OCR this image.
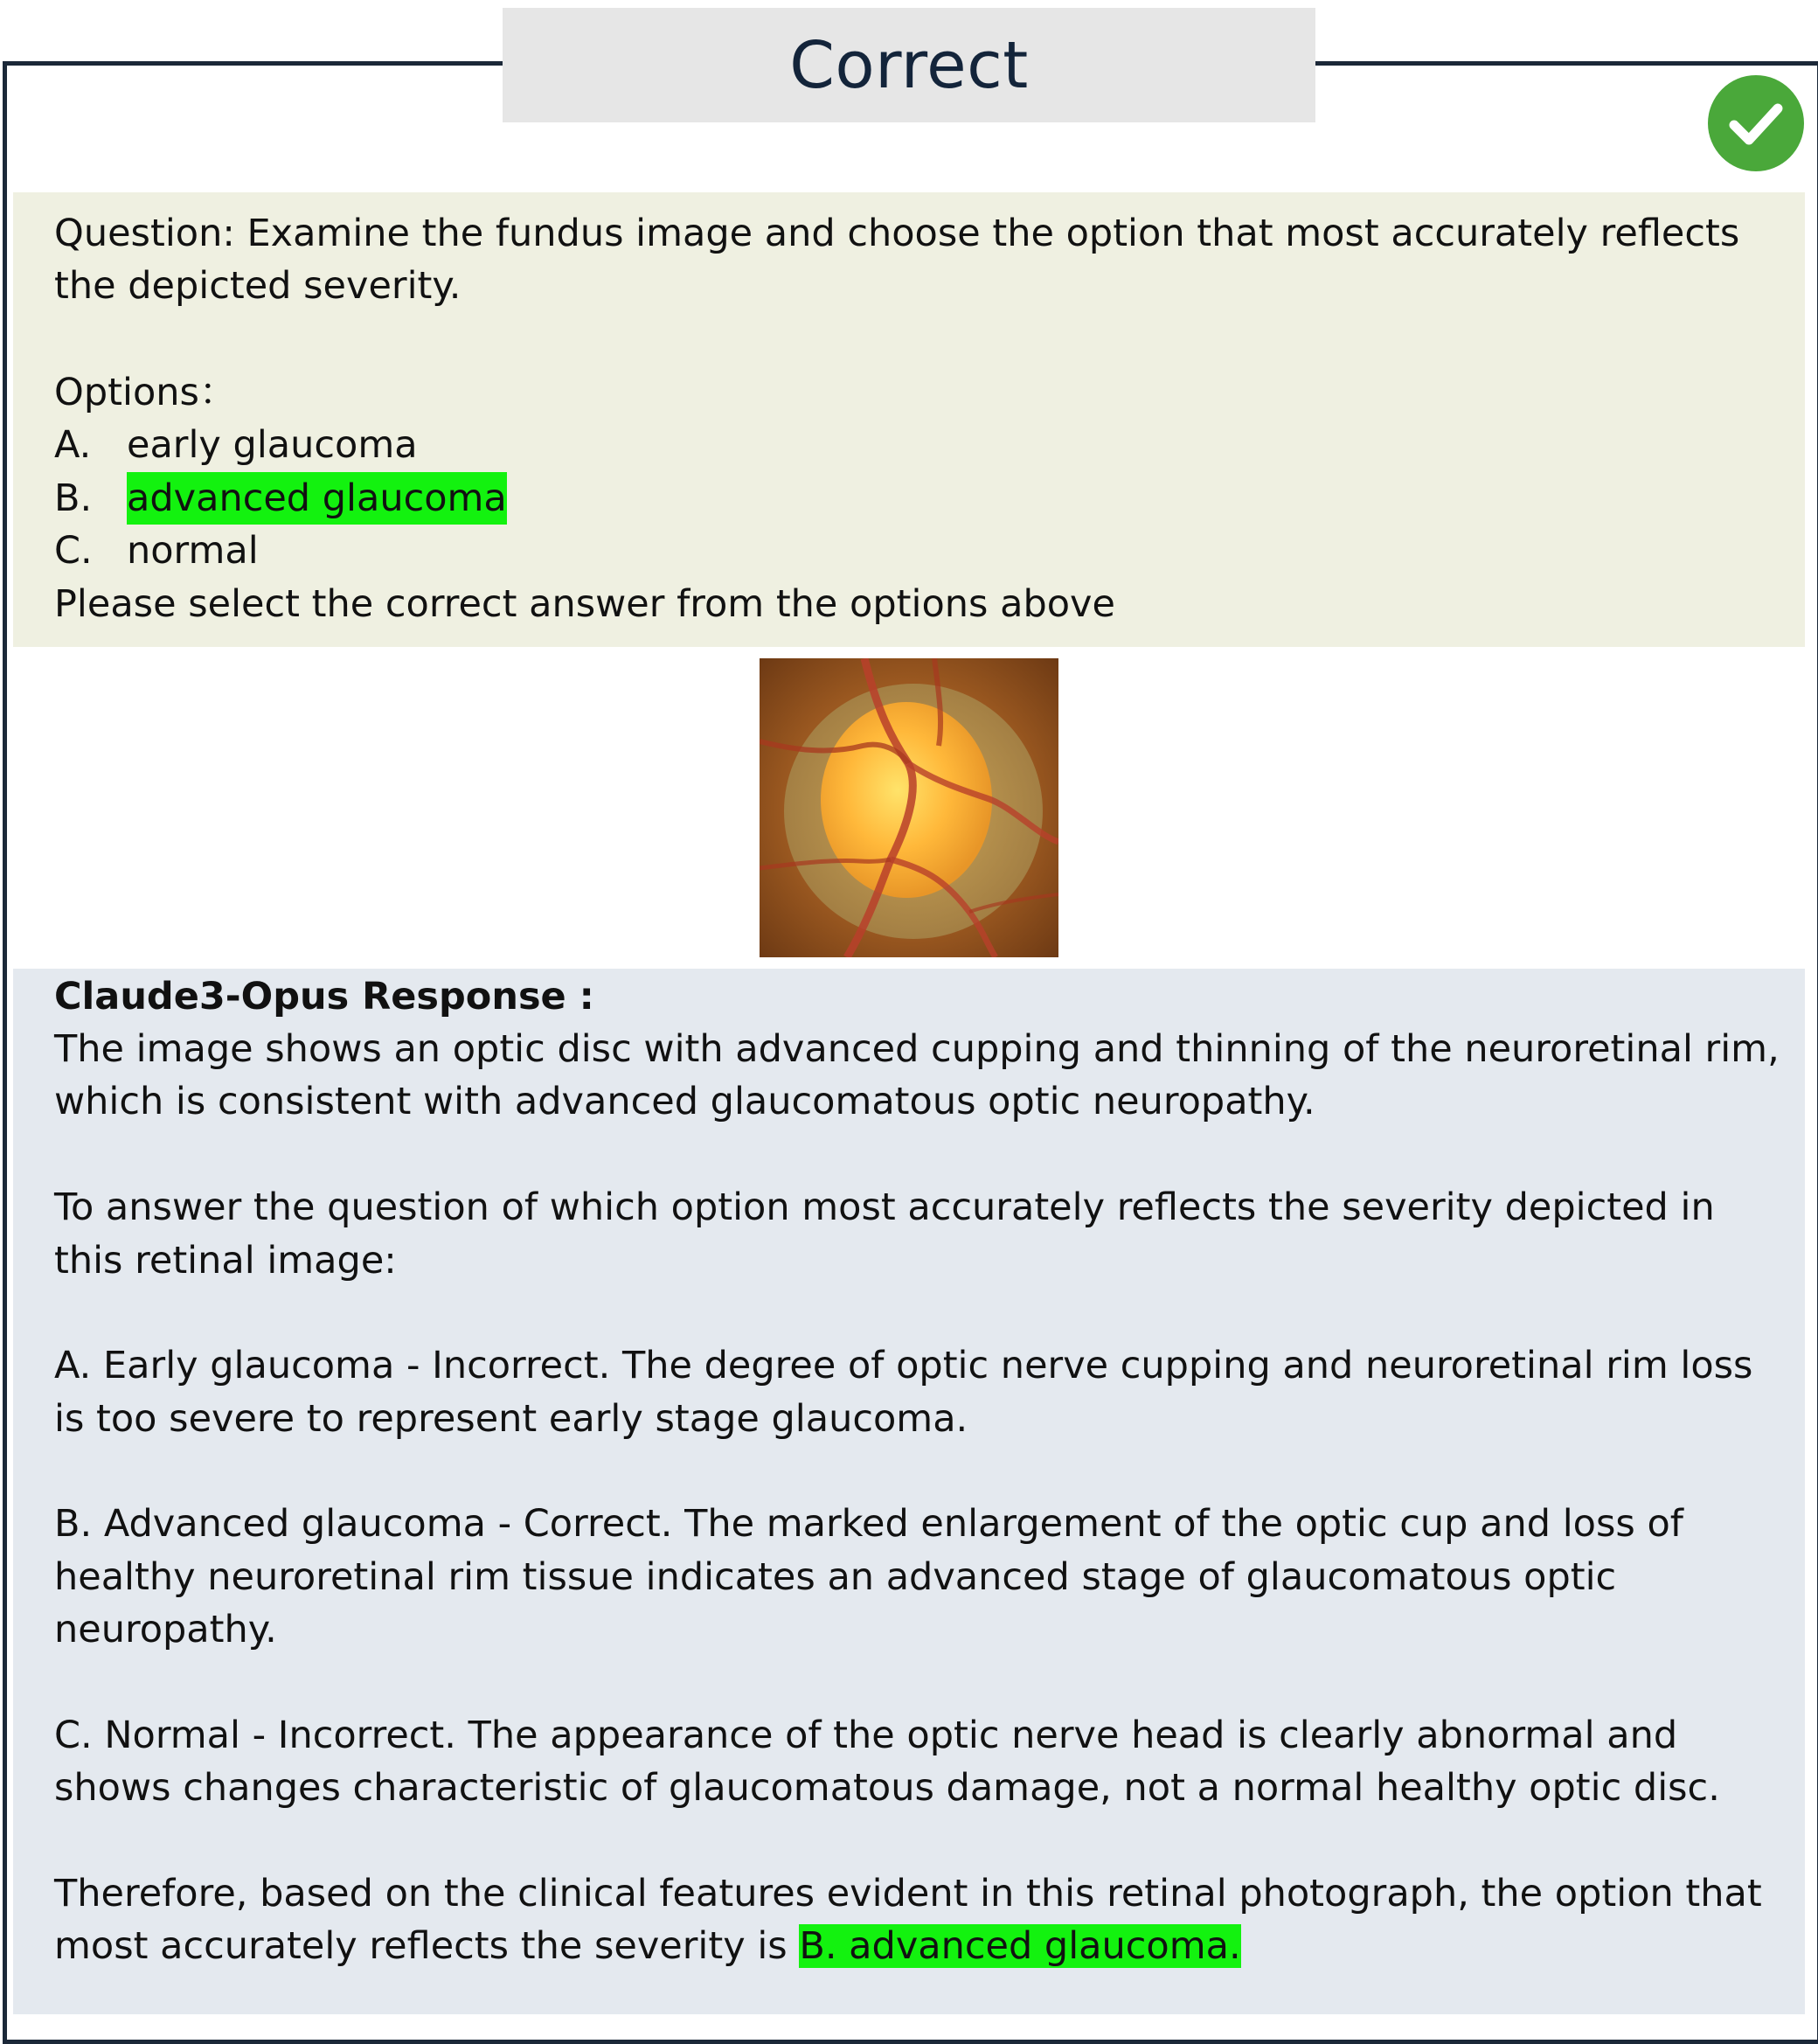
Correct
Question: Examine the fundus image and choose the option that most accurately reflects
the depicted severity.
Options：
A. early glaucoma
B. advanced glaucoma
C. normal
Please select the correct answer from the options above
Claude3-Opus Response :
The image shows an optic disc with advanced cupping and thinning of the neuroretinal rim,
which is consistent with advanced glaucomatous optic neuropathy.
To answer the question of which option most accurately reflects the severity depicted in
this retinal image:
A. Early glaucoma - Incorrect. The degree of optic nerve cupping and neuroretinal rim loss
is too severe to represent early stage glaucoma.
B. Advanced glaucoma - Correct. The marked enlargement of the optic cup and loss of
healthy neuroretinal rim tissue indicates an advanced stage of glaucomatous optic
neuropathy.
C. Normal - Incorrect. The appearance of the optic nerve head is clearly abnormal and
shows changes characteristic of glaucomatous damage, not a normal healthy optic disc.
Therefore, based on the clinical features evident in this retinal photograph, the option that
most accurately reflects the severity is B. advanced glaucoma.
